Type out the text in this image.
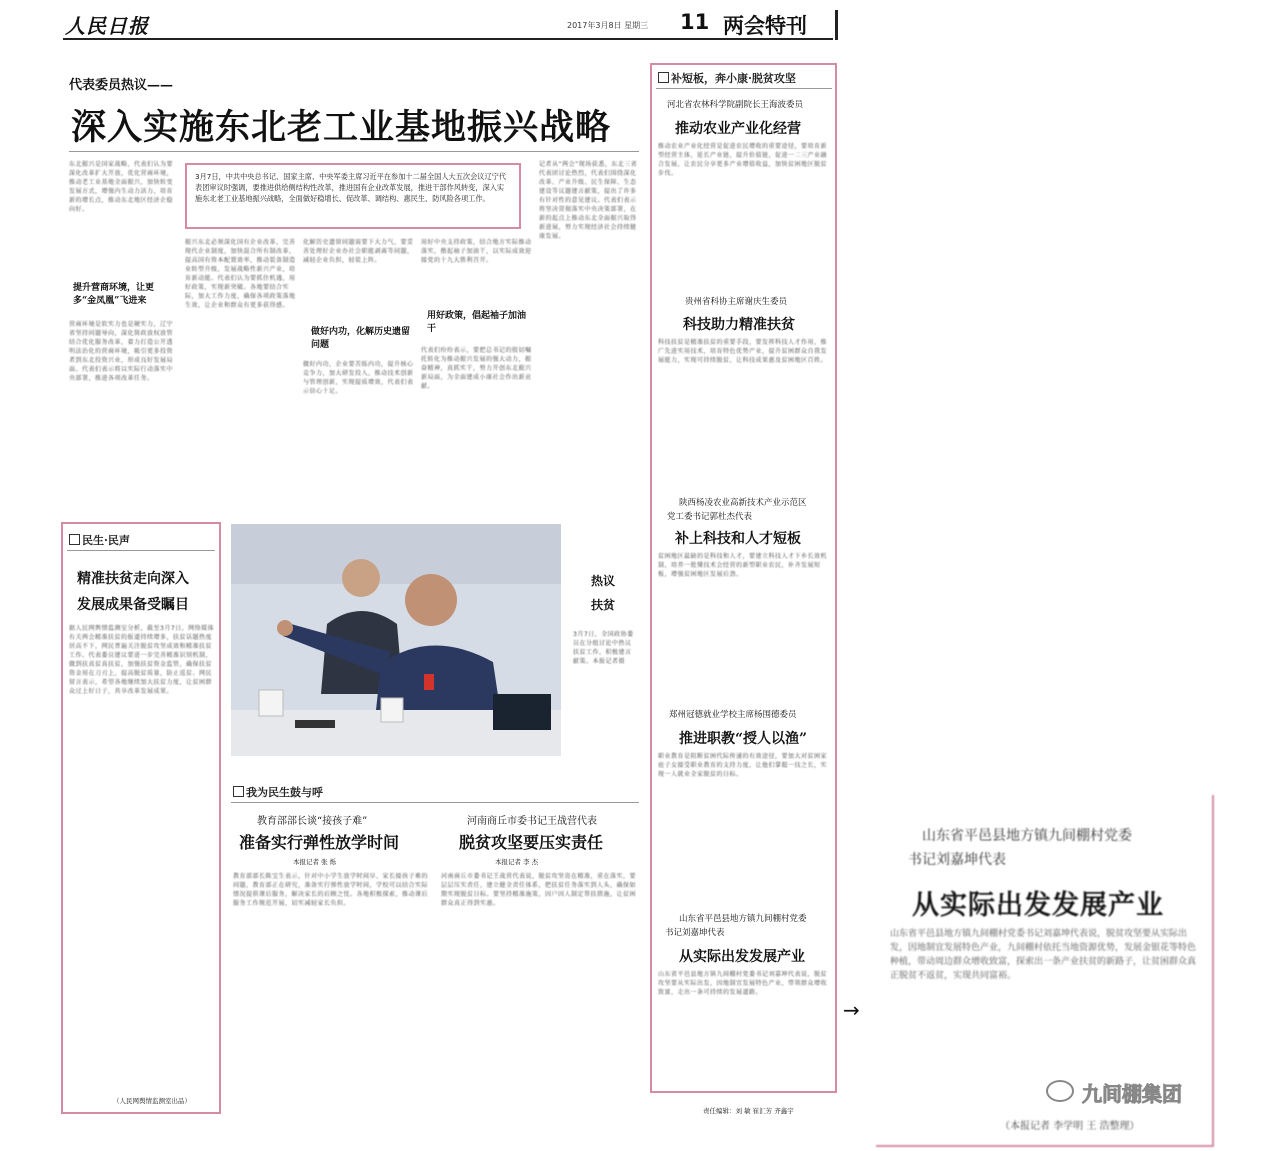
人民日报	2017年3月8日 星期三 11 两会特刊
代表委员热议——
深入实施东北老工业基地振兴战略
3月7日，中共中央总书记、国家主席、中央军委主席习近平在参加十二届全国人大五次会议辽宁代表团审议时强调，要推进供给侧结构性改革，推进国有企业改革发展，推进干部作风转变，深入实施东北老工业基地振兴战略，全面做好稳增长、促改革、调结构、惠民生、防风险各项工作。
东北振兴是国家战略，代表们认为要深化改革扩大开放，优化营商环境，推动老工业基地全面振兴，加快转变发展方式，增强内生动力活力，培育新的增长点，推动东北地区经济企稳向好。
提升营商环境，让更多“金凤凰”飞进来
营商环境是软实力也是硬实力，辽宁省坚持问题导向，深化简政放权放管结合优化服务改革，着力打造公开透明法治化的营商环境，吸引更多投资者到东北投资兴业，形成良好发展局面。代表们表示将以实际行动落实中央部署，推进各项改革任务。
振兴东北必须深化国有企业改革，完善现代企业制度，加快混合所有制改革，提高国有资本配置效率，推动装备制造业转型升级，发展战略性新兴产业，培育新动能。代表们认为要抓住机遇，用好政策，实现新突破。各地要结合实际，加大工作力度，确保各项政策落地生效，让企业和群众有更多获得感。
化解历史遗留问题需要下大力气，要妥善处理好企业办社会职能剥离等问题，减轻企业负担，轻装上阵。
做好内功，化解历史遗留问题
做好内功，企业要苦练内功，提升核心竞争力，加大研发投入，推动技术创新与管理创新，实现提质增效，代表们表示信心十足。
用好中央支持政策，结合地方实际推动落实，撸起袖子加油干，以实际成效迎接党的十九大胜利召开。
用好政策，倡起袖子加油干
代表们纷纷表示，要把总书记的殷切嘱托转化为推动振兴发展的强大动力，振奋精神，真抓实干，努力开创东北振兴新局面，为全面建成小康社会作出新贡献。
记者从“两会”现场获悉，东北三省代表团讨论热烈，代表们围绕深化改革、产业升级、民生保障、生态建设等议题建言献策，提出了许多有针对性的意见建议。代表们表示将坚决贯彻落实中央决策部署，在新的起点上推动东北全面振兴取得新进展，努力实现经济社会持续健康发展。
补短板，奔小康·脱贫攻坚
河北省农林科学院副院长王海波委员
推动农业产业化经营
推动农业产业化经营是促进农民增收的重要途径，要培育新型经营主体，延长产业链，提升价值链，促进一二三产业融合发展，让农民分享更多产业增值收益，加快贫困地区脱贫步伐。
贵州省科协主席谢庆生委员
科技助力精准扶贫
科技扶贫是精准扶贫的重要手段，要发挥科技人才作用，推广先进实用技术，培育特色优势产业，提升贫困群众自我发展能力，实现可持续脱贫，让科技成果惠及贫困地区百姓。
陕西杨凌农业高新技术产业示范区
党工委书记郭杜杰代表
补上科技和人才短板
贫困地区最缺的是科技和人才，要建立科技人才下乡长效机制，培养一批懂技术会经营的新型职业农民，补齐发展短板，增强贫困地区发展后劲。
郑州冠德就业学校主席杨围德委员
推进职教“授人以渔”
职业教育是阻断贫困代际传递的有效途径，要加大对贫困家庭子女接受职业教育的支持力度，让他们掌握一技之长，实现一人就业全家脱贫的目标。
山东省平邑县地方镇九间棚村党委
书记刘嘉坤代表
从实际出发发展产业
山东省平邑县地方镇九间棚村党委书记刘嘉坤代表说，脱贫攻坚要从实际出发，因地制宜发展特色产业，带领群众增收致富，走出一条可持续的发展道路。
民生·民声
精准扶贫走向深入
发展成果备受瞩目
据人民网舆情监测室分析，截至3月7日，网络媒体有关两会精准扶贫的报道持续增多，扶贫话题热度居高不下，网民普遍关注脱贫攻坚成效和精准扶贫工作。代表委员建议要进一步完善精准识别机制，做到扶真贫真扶贫，加强扶贫资金监管，确保扶贫资金用在刀刃上，提高脱贫质量，防止返贫。网民留言表示，希望各地继续加大扶贫力度，让贫困群众过上好日子，共享改革发展成果。
（人民网舆情监测室出品）
热议
扶贫
3月7日，全国政协委员在分组讨论中热议扶贫工作，积极建言献策。本报记者摄
我为民生鼓与呼
教育部部长谈“接孩子难”
准备实行弹性放学时间
本报记者 张 烁
教育部部长陈宝生表示，针对中小学生放学时间早、家长接孩子难的问题，教育部正在研究，准备实行弹性放学时间，学校可以结合实际情况提供课后服务，解决家长的后顾之忧。各地积极探索，推动课后服务工作规范开展，切实减轻家长负担。
河南商丘市委书记王战营代表
脱贫攻坚要压实责任
本报记者 李 杰
河南商丘市委书记王战营代表说，脱贫攻坚贵在精准，重在落实，要层层压实责任，建立健全责任体系，把扶贫任务落实到人头，确保如期实现脱贫目标。要坚持精准施策，因户因人制定帮扶措施，让贫困群众真正得到实惠。
责任编辑：刘 敏 崔汇芳 齐鑫宇
→
山东省平邑县地方镇九间棚村党委
书记刘嘉坤代表
从实际出发发展产业
山东省平邑县地方镇九间棚村党委书记刘嘉坤代表说，脱贫攻坚要从实际出发，因地制宜发展特色产业，九间棚村依托当地资源优势，发展金银花等特色种植，带动周边群众增收致富，探索出一条产业扶贫的新路子，让贫困群众真正脱贫不返贫，实现共同富裕。
（本报记者 李学明 王 浩整理）
九间棚集团
